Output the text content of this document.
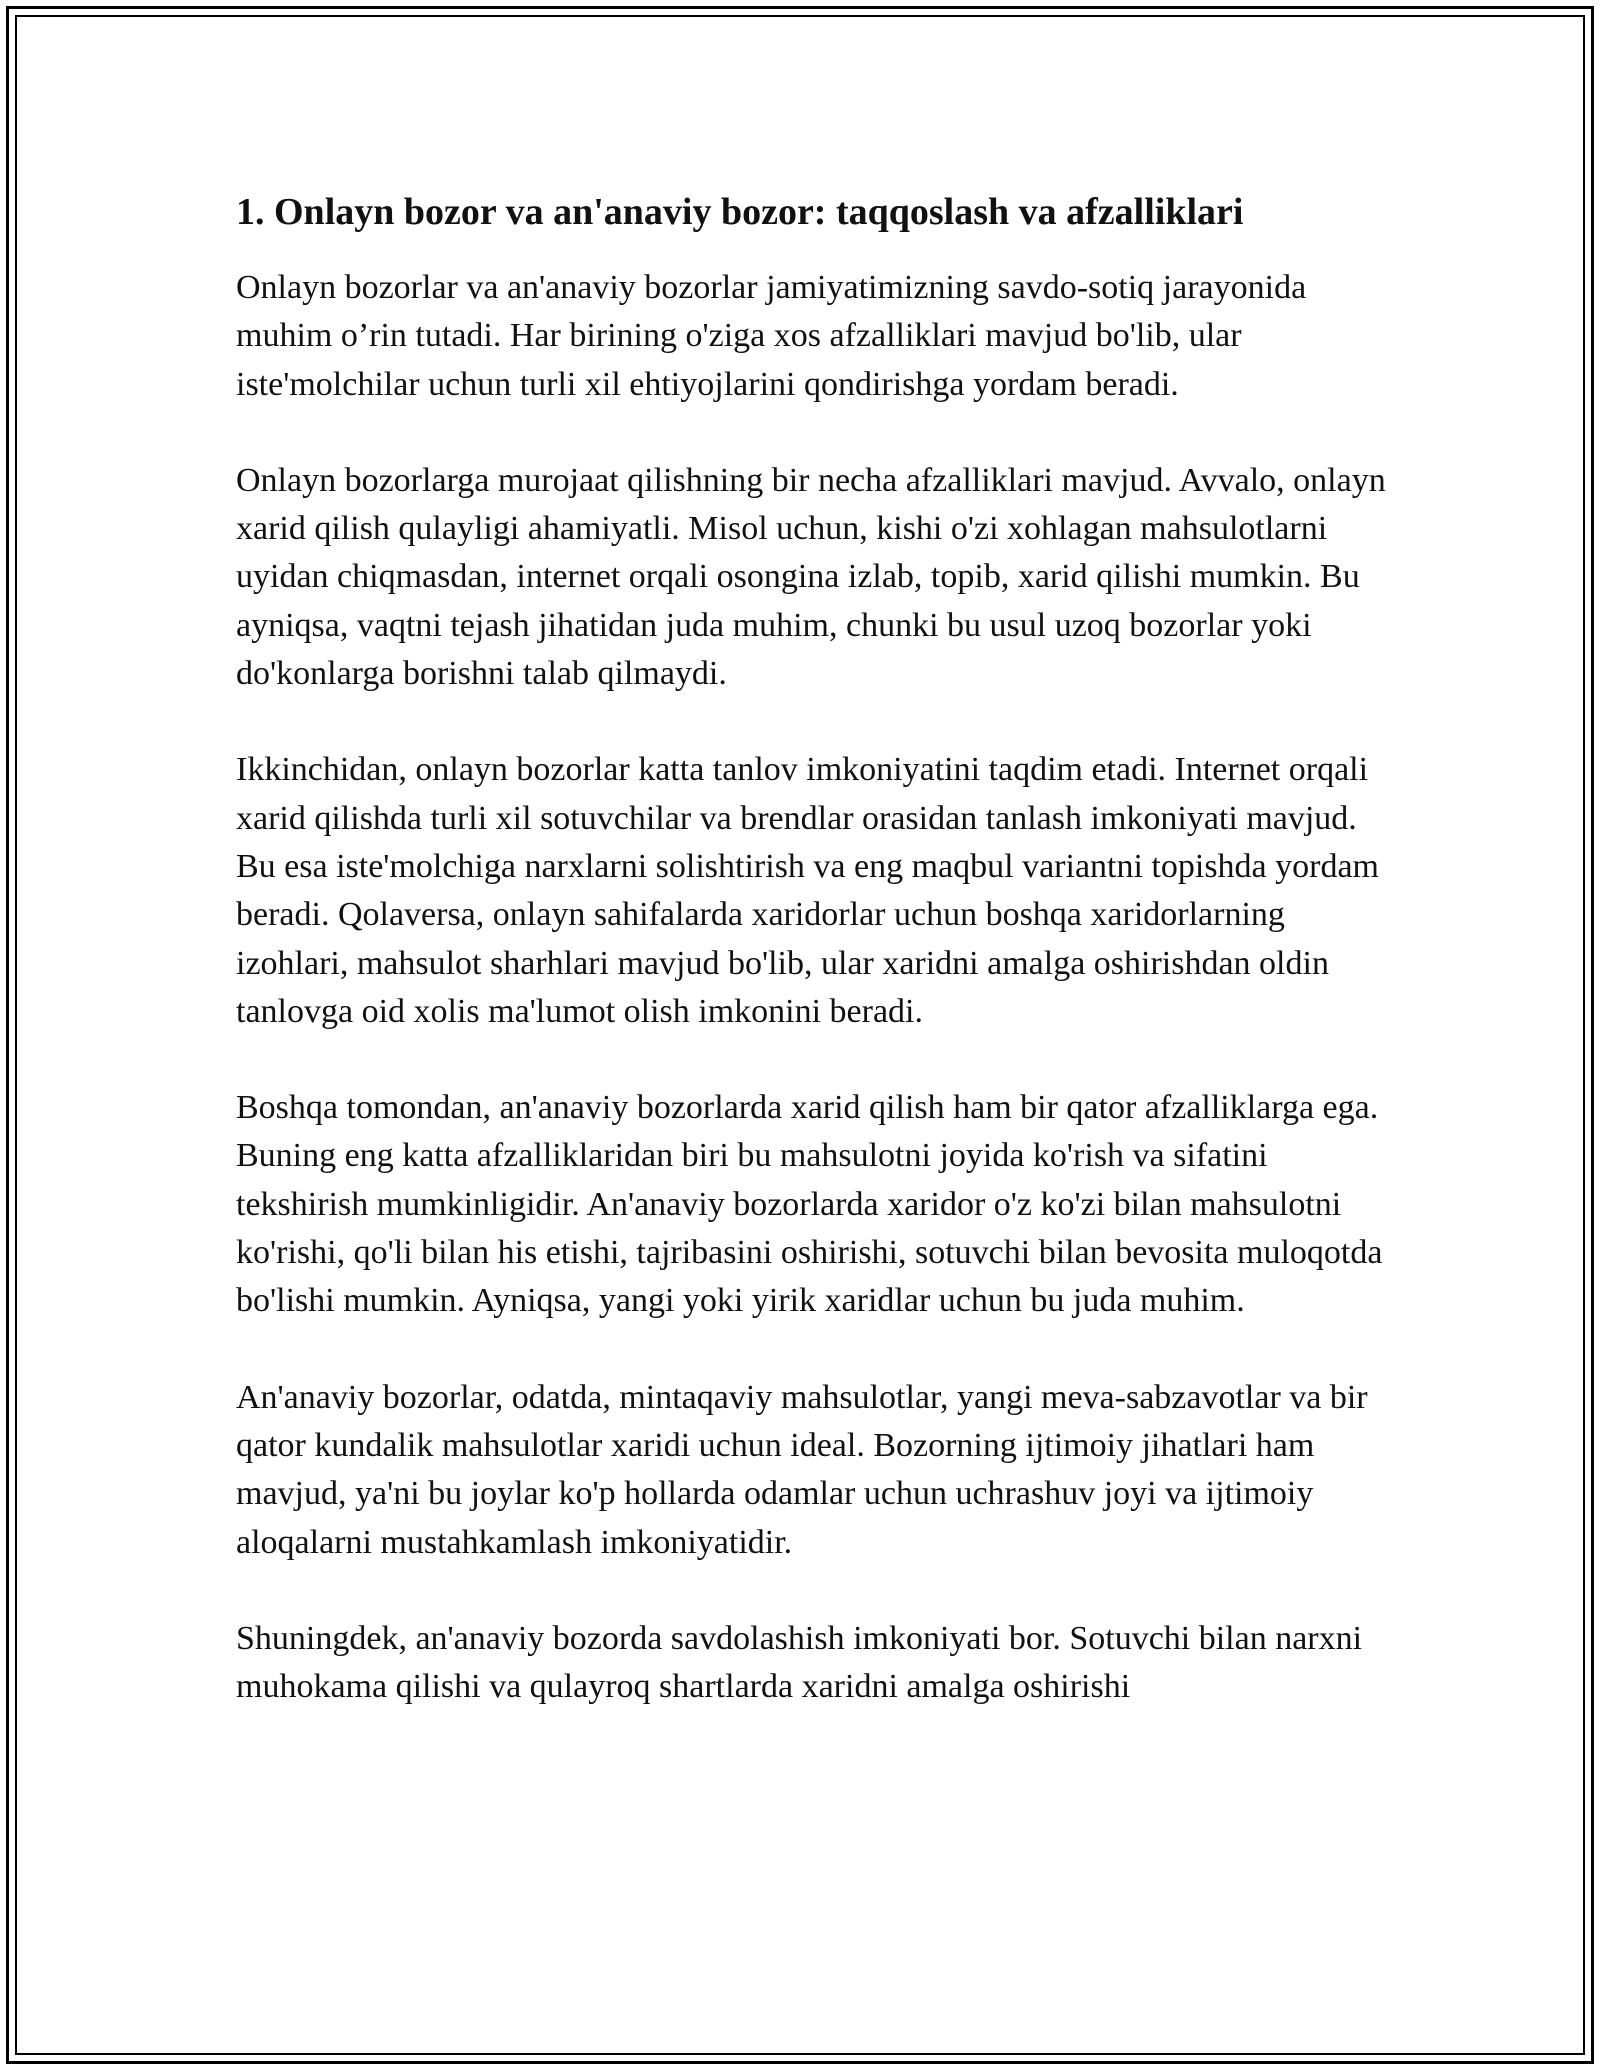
1. Onlayn bozor va an'anaviy bozor: taqqoslash va afzalliklari

Onlayn bozorlar va an'anaviy bozorlar jamiyatimizning savdo-sotiq jarayonida muhim o’rin tutadi. Har birining o'ziga xos afzalliklari mavjud bo'lib, ular iste'molchilar uchun turli xil ehtiyojlarini qondirishga yordam beradi.

Onlayn bozorlarga murojaat qilishning bir necha afzalliklari mavjud. Avvalo, onlayn xarid qilish qulayligi ahamiyatli. Misol uchun, kishi o'zi xohlagan mahsulotlarni uyidan chiqmasdan, internet orqali osongina izlab, topib, xarid qilishi mumkin. Bu ayniqsa, vaqtni tejash jihatidan juda muhim, chunki bu usul uzoq bozorlar yoki do'konlarga borishni talab qilmaydi.

Ikkinchidan, onlayn bozorlar katta tanlov imkoniyatini taqdim etadi. Internet orqali xarid qilishda turli xil sotuvchilar va brendlar orasidan tanlash imkoniyati mavjud. Bu esa iste'molchiga narxlarni solishtirish va eng maqbul variantni topishda yordam beradi. Qolaversa, onlayn sahifalarda xaridorlar uchun boshqa xaridorlarning izohlari, mahsulot sharhlari mavjud bo'lib, ular xaridni amalga oshirishdan oldin tanlovga oid xolis ma'lumot olish imkonini beradi.

Boshqa tomondan, an'anaviy bozorlarda xarid qilish ham bir qator afzalliklarga ega. Buning eng katta afzalliklaridan biri bu mahsulotni joyida ko'rish va sifatini tekshirish mumkinligidir. An'anaviy bozorlarda xaridor o'z ko'zi bilan mahsulotni ko'rishi, qo'li bilan his etishi, tajribasini oshirishi, sotuvchi bilan bevosita muloqotda bo'lishi mumkin. Ayniqsa, yangi yoki yirik xaridlar uchun bu juda muhim.

An'anaviy bozorlar, odatda, mintaqaviy mahsulotlar, yangi meva-sabzavotlar va bir qator kundalik mahsulotlar xaridi uchun ideal. Bozorning ijtimoiy jihatlari ham mavjud, ya'ni bu joylar ko'p hollarda odamlar uchun uchrashuv joyi va ijtimoiy aloqalarni mustahkamlash imkoniyatidir.

Shuningdek, an'anaviy bozorda savdolashish imkoniyati bor. Sotuvchi bilan narxni muhokama qilishi va qulayroq shartlarda xaridni amalga oshirishi
